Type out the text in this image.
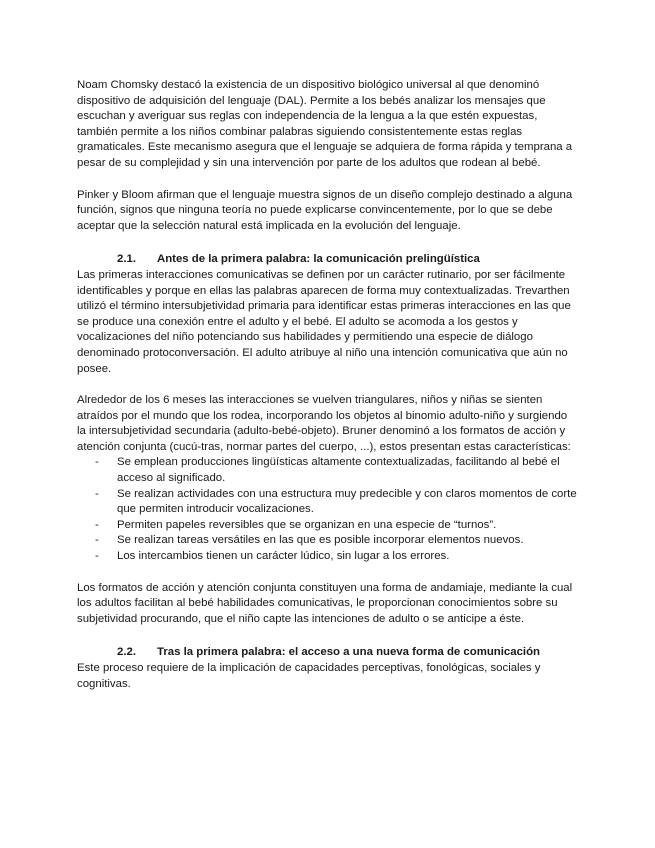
Noam Chomsky destacó la existencia de un dispositivo biológico universal al que denominó dispositivo de adquisición del lenguaje (DAL). Permite a los bebés analizar los mensajes que escuchan y averiguar sus reglas con independencia de la lengua a la que estén expuestas, también permite a los niños combinar palabras siguiendo consistentemente estas reglas gramaticales. Este mecanismo asegura que el lenguaje se adquiera de forma rápida y temprana a pesar de su complejidad y sin una intervención por parte de los adultos que rodean al bebé.

Pinker y Bloom afirman que el lenguaje muestra signos de un diseño complejo destinado a alguna función, signos que ninguna teoría no puede explicarse convincentemente, por lo que se debe aceptar que la selección natural está implicada en la evolución del lenguaje.

2.1. Antes de la primera palabra: la comunicación prelingüística

Las primeras interacciones comunicativas se definen por un carácter rutinario, por ser fácilmente identificables y porque en ellas las palabras aparecen de forma muy contextualizadas. Trevarthen utilizó el término intersubjetividad primaria para identificar estas primeras interacciones en las que se produce una conexión entre el adulto y el bebé. El adulto se acomoda a los gestos y vocalizaciones del niño potenciando sus habilidades y permitiendo una especie de diálogo denominado protoconversación. El adulto atribuye al niño una intención comunicativa que aún no posee.

Alrededor de los 6 meses las interacciones se vuelven triangulares, niños y niñas se sienten atraídos por el mundo que los rodea, incorporando los objetos al binomio adulto-niño y surgiendo la intersubjetividad secundaria (adulto-bebé-objeto). Bruner denominó a los formatos de acción y atención conjunta (cucú-tras, normar partes del cuerpo, ...), estos presentan estas características:

- Se emplean producciones lingüísticas altamente contextualizadas, facilitando al bebé el acceso al significado.
- Se realizan actividades con una estructura muy predecible y con claros momentos de corte que permiten introducir vocalizaciones.
- Permiten papeles reversibles que se organizan en una especie de “turnos”.
- Se realizan tareas versátiles en las que es posible incorporar elementos nuevos.
- Los intercambios tienen un carácter lúdico, sin lugar a los errores.

Los formatos de acción y atención conjunta constituyen una forma de andamiaje, mediante la cual los adultos facilitan al bebé habilidades comunicativas, le proporcionan conocimientos sobre su subjetividad procurando, que el niño capte las intenciones de adulto o se anticipe a éste.

2.2. Tras la primera palabra: el acceso a una nueva forma de comunicación

Este proceso requiere de la implicación de capacidades perceptivas, fonológicas, sociales y cognitivas.
